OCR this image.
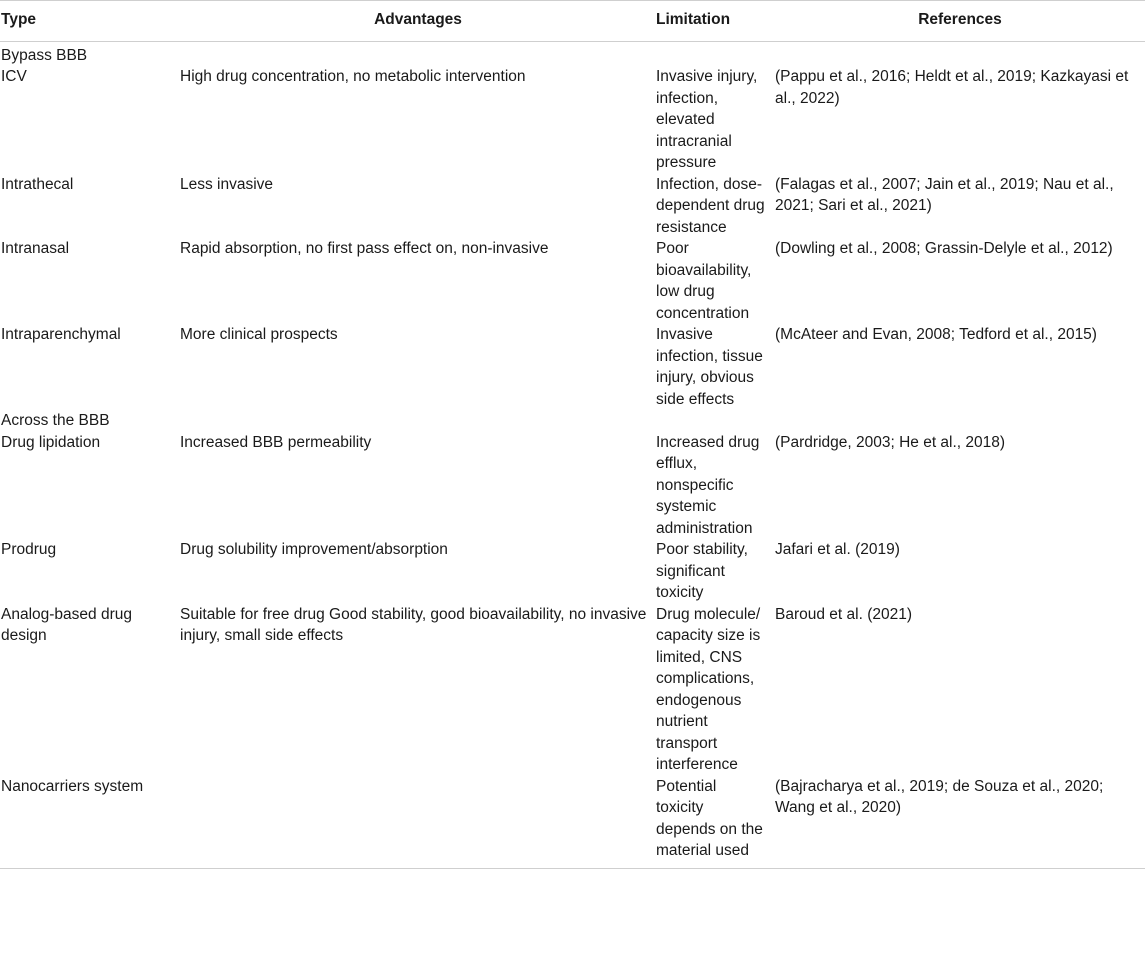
Type	Advantages	Limitation	References
Bypass BBB			
ICV	High drug concentration, no metabolic intervention	Invasive injury, infection, elevated intracranial pressure	(Pappu et al., 2016; Heldt et al., 2019; Kazkayasi et al., 2022)
Intrathecal	Less invasive	Infection, dose-dependent drug resistance	(Falagas et al., 2007; Jain et al., 2019; Nau et al., 2021; Sari et al., 2021)
Intranasal	Rapid absorption, no first pass effect on, non-invasive	Poor bioavailability, low drug concentration	(Dowling et al., 2008; Grassin-Delyle et al., 2012)
Intraparenchymal	More clinical prospects	Invasive infection, tissue injury, obvious side effects	(McAteer and Evan, 2008; Tedford et al., 2015)
Across the BBB			
Drug lipidation	Increased BBB permeability	Increased drug efflux, nonspecific systemic administration	(Pardridge, 2003; He et al., 2018)
Prodrug	Drug solubility improvement/absorption	Poor stability, significant toxicity	Jafari et al. (2019)
Analog-based drug design	Suitable for free drug Good stability, good bioavailability, no invasive injury, small side effects	Drug molecule/ capacity size is limited, CNS complications, endogenous nutrient transport interference	Baroud et al. (2021)
Nanocarriers system		Potential toxicity depends on the material used	(Bajracharya et al., 2019; de Souza et al., 2020; Wang et al., 2020)
